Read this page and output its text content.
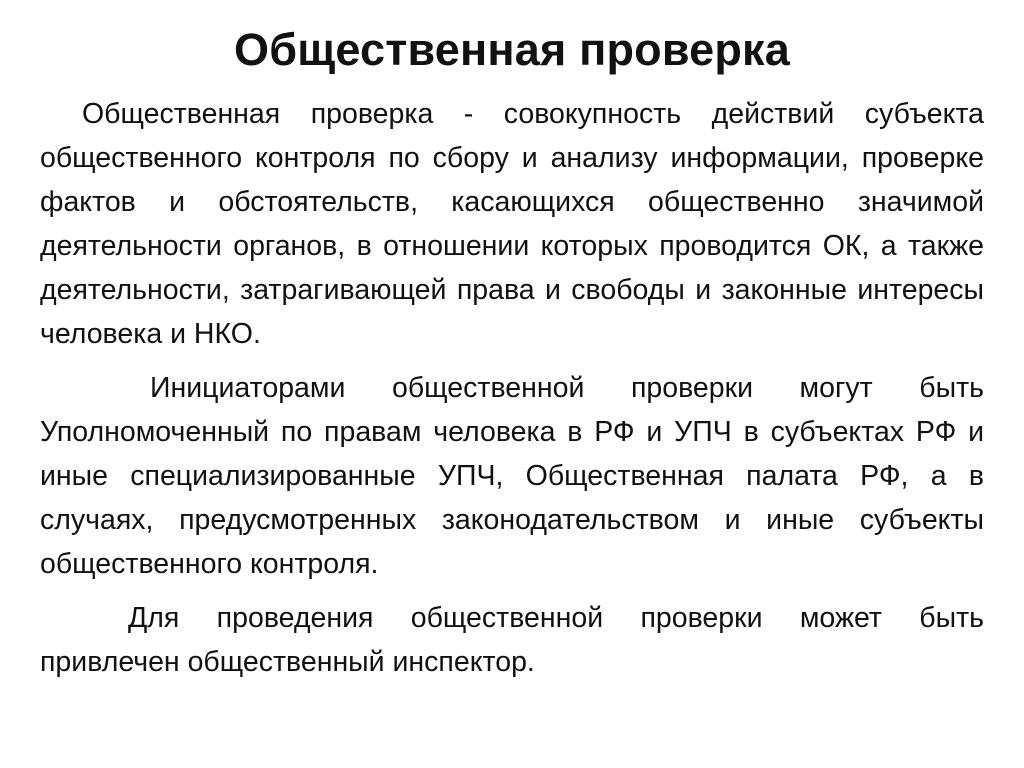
Общественная проверка

Общественная проверка - совокупность действий субъекта общественного контроля по сбору и анализу информации, проверке фактов и обстоятельств, касающихся общественно значимой деятельности органов, в отношении которых проводится ОК, а также деятельности, затрагивающей права и свободы и законные интересы человека и НКО.

Инициаторами общественной проверки могут быть Уполномоченный по правам человека в РФ и УПЧ в субъектах РФ и иные специализированные УПЧ, Общественная палата РФ, а в случаях, предусмотренных законодательством и иные субъекты общественного контроля.

Для проведения общественной проверки может быть привлечен общественный инспектор.
